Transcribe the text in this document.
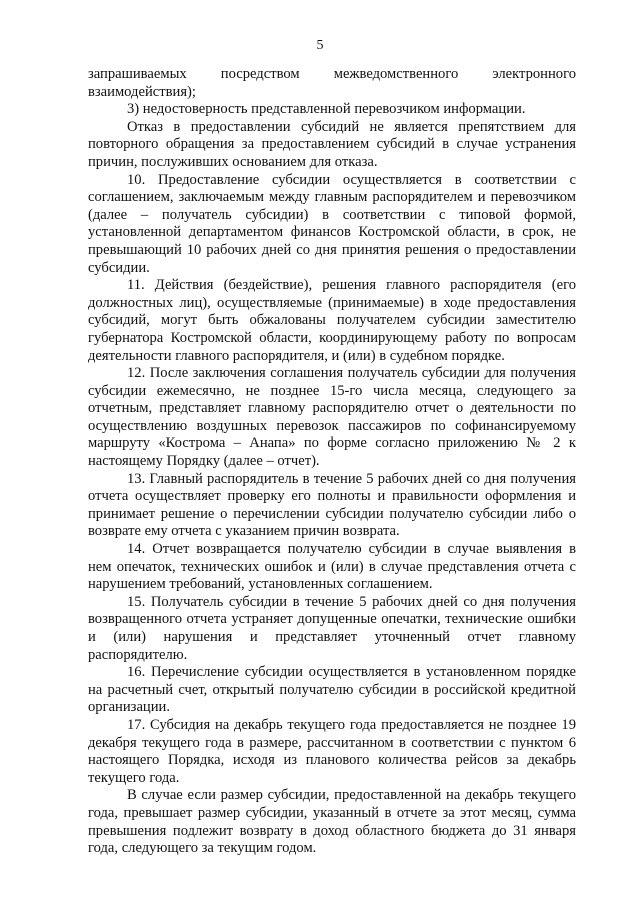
5

запрашиваемых посредством межведомственного электронного взаимодействия);

3) недостоверность представленной перевозчиком информации.

Отказ в предоставлении субсидий не является препятствием для повторного обращения за предоставлением субсидий в случае устранения причин, послуживших основанием для отказа.

10. Предоставление субсидии осуществляется в соответствии с соглашением, заключаемым между главным распорядителем и перевозчиком (далее – получатель субсидии) в соответствии с типовой формой, установленной департаментом финансов Костромской области, в срок, не превышающий 10 рабочих дней со дня принятия решения о предоставлении субсидии.

11. Действия (бездействие), решения главного распорядителя (его должностных лиц), осуществляемые (принимаемые) в ходе предоставления субсидий, могут быть обжалованы получателем субсидии заместителю губернатора Костромской области, координирующему работу по вопросам деятельности главного распорядителя, и (или) в судебном порядке.

12. После заключения соглашения получатель субсидии для получения субсидии ежемесячно, не позднее 15-го числа месяца, следующего за отчетным, представляет главному распорядителю отчет о деятельности по осуществлению воздушных перевозок пассажиров по софинансируемому маршруту «Кострома – Анапа» по форме согласно приложению № 2 к настоящему Порядку (далее – отчет).

13. Главный распорядитель в течение 5 рабочих дней со дня получения отчета осуществляет проверку его полноты и правильности оформления и принимает решение о перечислении субсидии получателю субсидии либо о возврате ему отчета с указанием причин возврата.

14. Отчет возвращается получателю субсидии в случае выявления в нем опечаток, технических ошибок и (или) в случае представления отчета с нарушением требований, установленных соглашением.

15. Получатель субсидии в течение 5 рабочих дней со дня получения возвращенного отчета устраняет допущенные опечатки, технические ошибки и (или) нарушения и представляет уточненный отчет главному распорядителю.

16. Перечисление субсидии осуществляется в установленном порядке на расчетный счет, открытый получателю субсидии в российской кредитной организации.

17. Субсидия на декабрь текущего года предоставляется не позднее 19 декабря текущего года в размере, рассчитанном в соответствии с пунктом 6 настоящего Порядка, исходя из планового количества рейсов за декабрь текущего года.

В случае если размер субсидии, предоставленной на декабрь текущего года, превышает размер субсидии, указанный в отчете за этот месяц, сумма превышения подлежит возврату в доход областного бюджета до 31 января года, следующего за текущим годом.
